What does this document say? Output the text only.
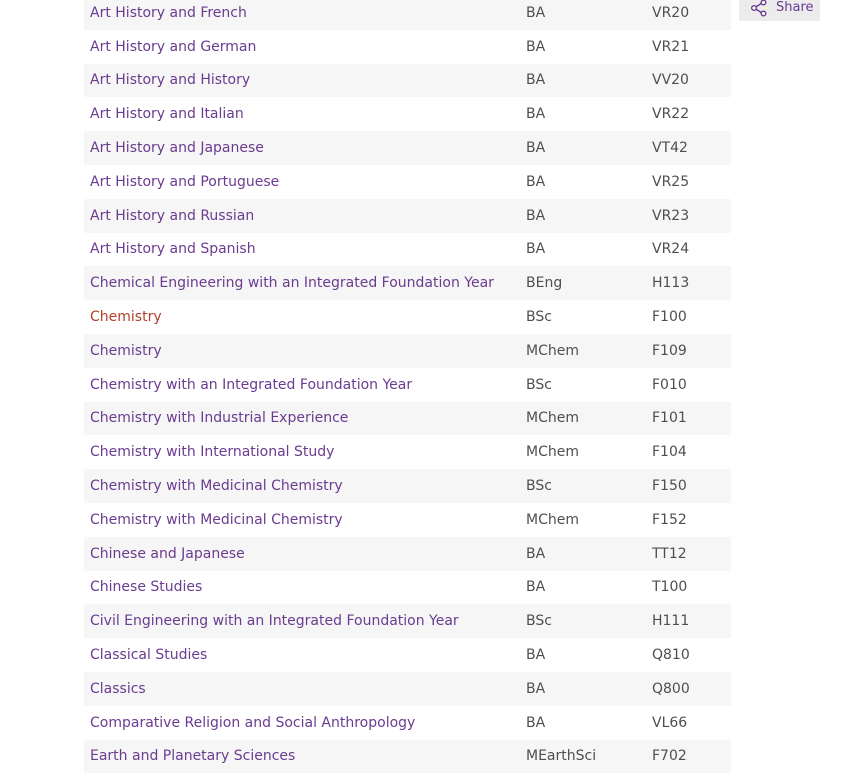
Art History and French	BA	VR20
Art History and German	BA	VR21
Art History and History	BA	VV20
Art History and Italian	BA	VR22
Art History and Japanese	BA	VT42
Art History and Portuguese	BA	VR25
Art History and Russian	BA	VR23
Art History and Spanish	BA	VR24
Chemical Engineering with an Integrated Foundation Year	BEng	H113
Chemistry	BSc	F100
Chemistry	MChem	F109
Chemistry with an Integrated Foundation Year	BSc	F010
Chemistry with Industrial Experience	MChem	F101
Chemistry with International Study	MChem	F104
Chemistry with Medicinal Chemistry	BSc	F150
Chemistry with Medicinal Chemistry	MChem	F152
Chinese and Japanese	BA	TT12
Chinese Studies	BA	T100
Civil Engineering with an Integrated Foundation Year	BSc	H111
Classical Studies	BA	Q810
Classics	BA	Q800
Comparative Religion and Social Anthropology	BA	VL66
Earth and Planetary Sciences	MEarthSci	F702
Share
